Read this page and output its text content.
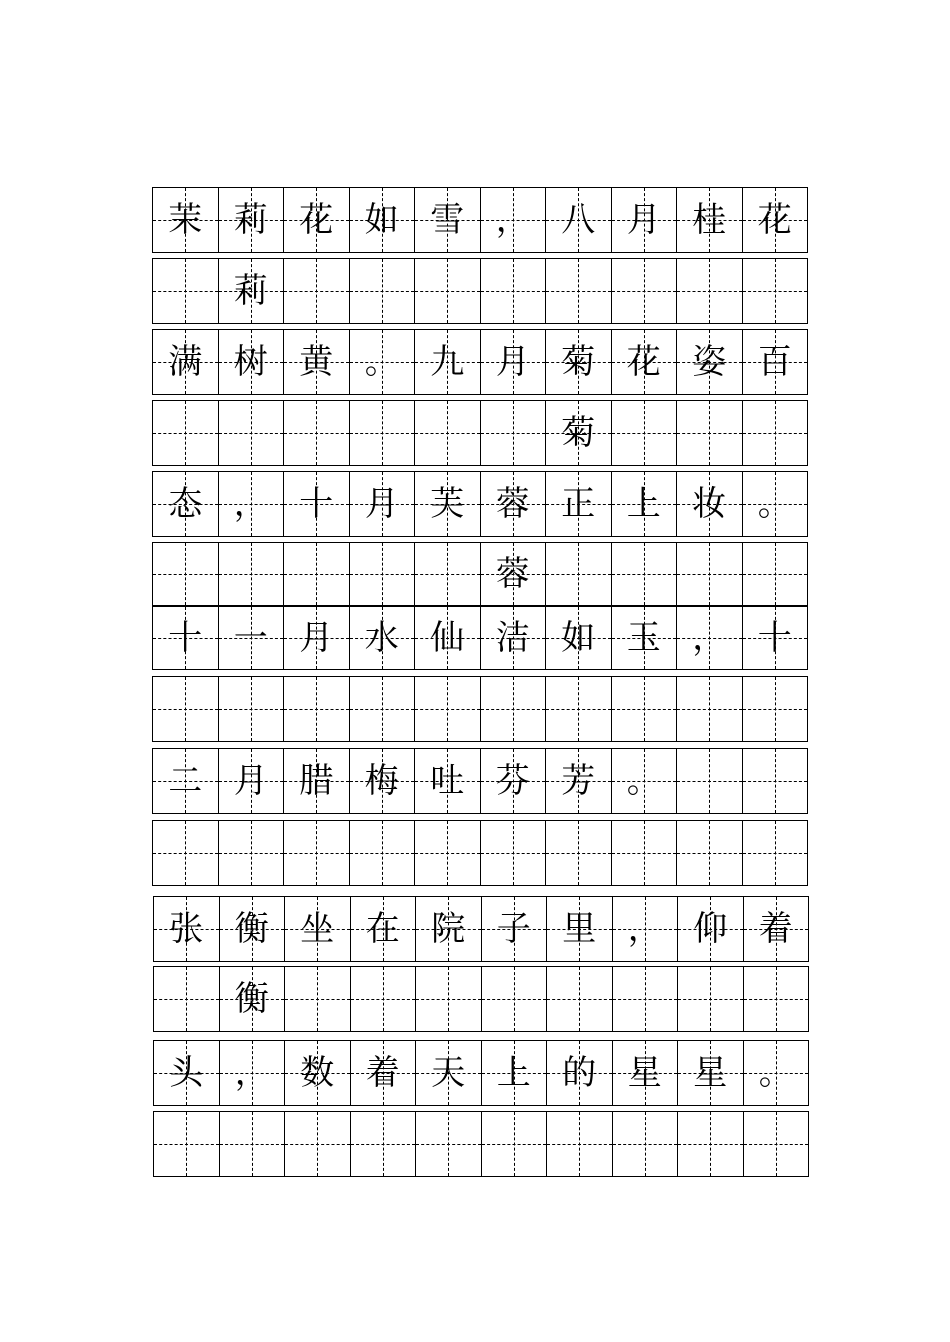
茉 莉 花 如 雪 ， 八 月 桂 花
莉
满 树 黄 。 九 月 菊 花 姿 百
菊
态 ， 十 月 芙 蓉 正 上 妆 。
蓉
十 一 月 水 仙 洁 如 玉 ， 十
二 月 腊 梅 吐 芬 芳 。
张 衡 坐 在 院 子 里 ， 仰 着
衡
头 ， 数 着 天 上 的 星 星 。
